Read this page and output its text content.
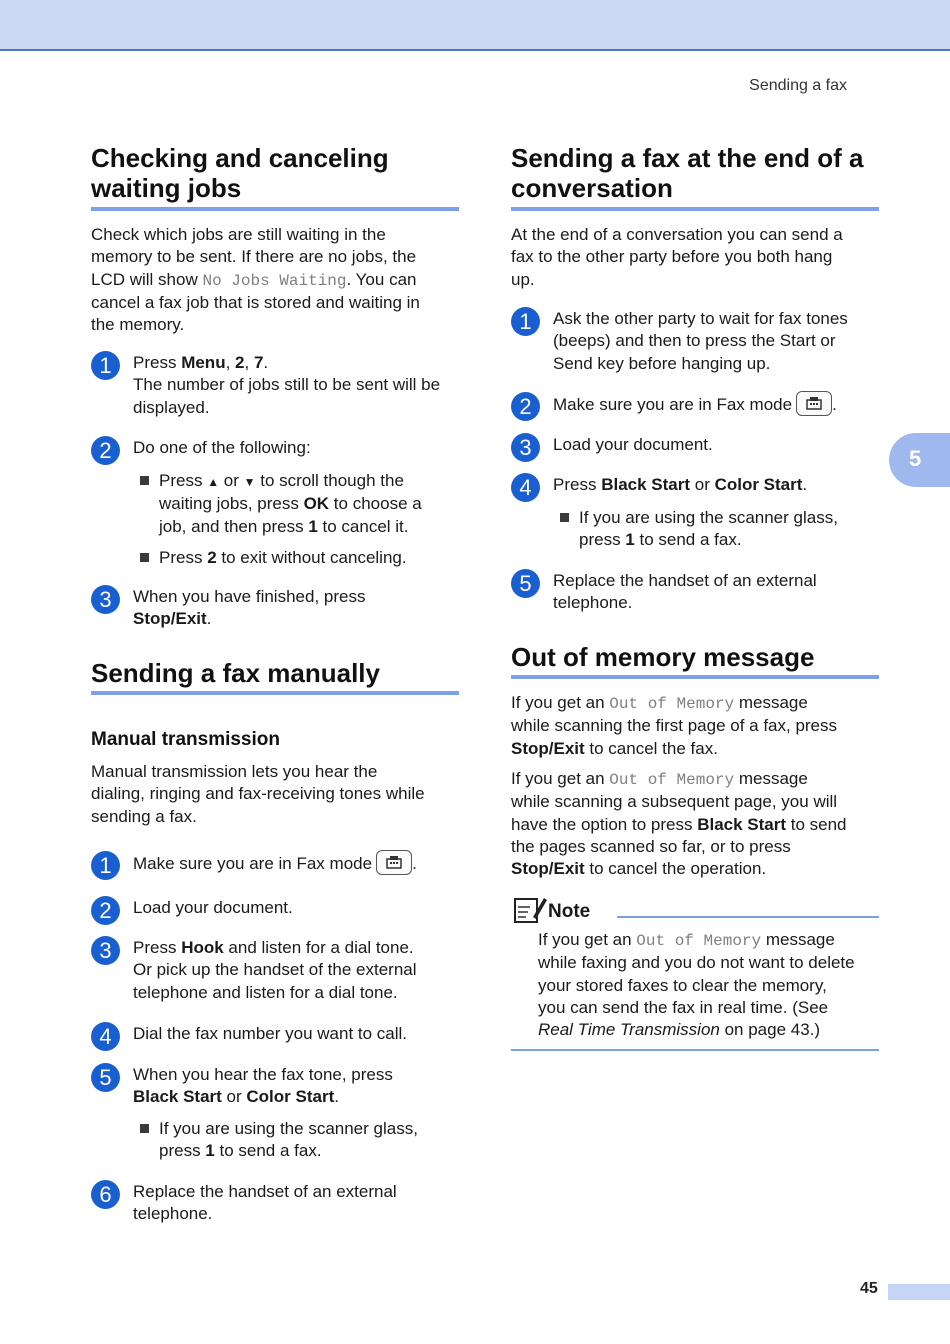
Sending a fax
5
Checking and canceling
waiting jobs
Check which jobs are still waiting in the
memory to be sent. If there are no jobs, the
LCD will show No Jobs Waiting. You can
cancel a fax job that is stored and waiting in
the memory.
1	Press Menu, 2, 7.
The number of jobs still to be sent will be
displayed.
2	Do one of the following:
Press ▲ or ▼ to scroll though the
waiting jobs, press OK to choose a
job, and then press 1 to cancel it.
Press 2 to exit without canceling.
3	When you have finished, press
Stop/Exit.
Sending a fax manually
Manual transmission
Manual transmission lets you hear the
dialing, ringing and fax-receiving tones while
sending a fax.
1	Make sure you are in Fax mode .
2	Load your document.
3	Press Hook and listen for a dial tone.
Or pick up the handset of the external
telephone and listen for a dial tone.
4	Dial the fax number you want to call.
5	When you hear the fax tone, press
Black Start or Color Start.
If you are using the scanner glass,
press 1 to send a fax.
6	Replace the handset of an external
telephone.
Sending a fax at the end of a
conversation
At the end of a conversation you can send a
fax to the other party before you both hang
up.
1	Ask the other party to wait for fax tones
(beeps) and then to press the Start or
Send key before hanging up.
2	Make sure you are in Fax mode .
3	Load your document.
4	Press Black Start or Color Start.
If you are using the scanner glass,
press 1 to send a fax.
5	Replace the handset of an external
telephone.
Out of memory message
If you get an Out of Memory message
while scanning the first page of a fax, press
Stop/Exit to cancel the fax.
If you get an Out of Memory message
while scanning a subsequent page, you will
have the option to press Black Start to send
the pages scanned so far, or to press
Stop/Exit to cancel the operation.
Note
If you get an Out of Memory message
while faxing and you do not want to delete
your stored faxes to clear the memory,
you can send the fax in real time. (See
Real Time Transmission on page 43.)
45
